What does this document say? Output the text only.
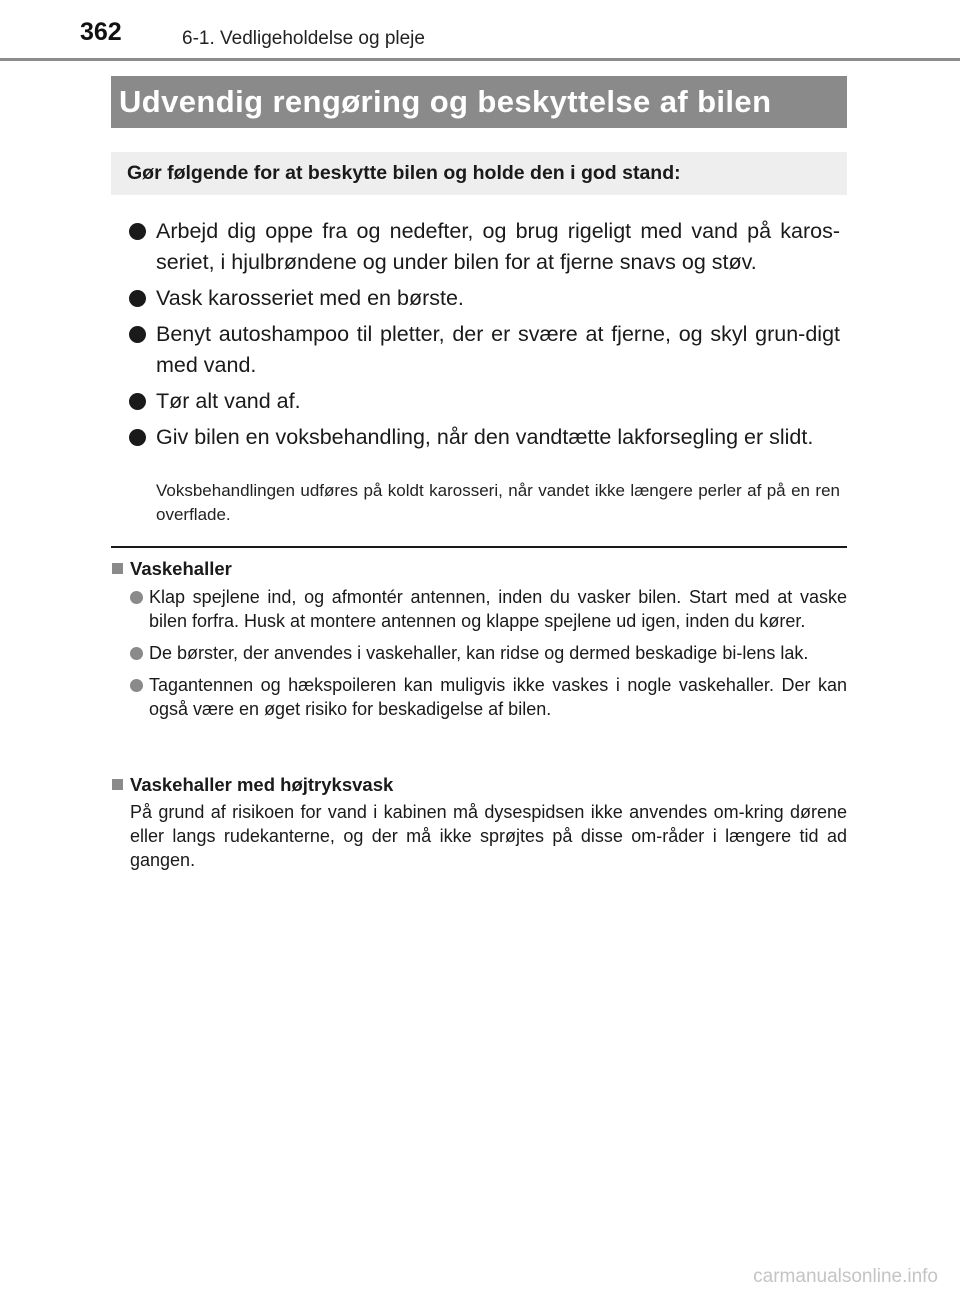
362	6-1. Vedligeholdelse og pleje
Udvendig rengøring og beskyttelse af bilen
Gør følgende for at beskytte bilen og holde den i god stand:
Arbejd dig oppe fra og nedefter, og brug rigeligt med vand på karos-seriet, i hjulbrøndene og under bilen for at fjerne snavs og støv.
Vask karosseriet med en børste.
Benyt autoshampoo til pletter, der er svære at fjerne, og skyl grun-digt med vand.
Tør alt vand af.
Giv bilen en voksbehandling, når den vandtætte lakforsegling er slidt.

Voksbehandlingen udføres på koldt karosseri, når vandet ikke længere perler af på en ren overflade.

Vaskehaller
Klap spejlene ind, og afmontér antennen, inden du vasker bilen. Start med at vaske bilen forfra. Husk at montere antennen og klappe spejlene ud igen, inden du kører.
De børster, der anvendes i vaskehaller, kan ridse og dermed beskadige bi-lens lak.
Tagantennen og hækspoileren kan muligvis ikke vaskes i nogle vaskehaller. Der kan også være en øget risiko for beskadigelse af bilen.
Vaskehaller med højtryksvask

På grund af risikoen for vand i kabinen må dysespidsen ikke anvendes om-kring dørene eller langs rudekanterne, og der må ikke sprøjtes på disse om-råder i længere tid ad gangen.

carmanualsonline.info
